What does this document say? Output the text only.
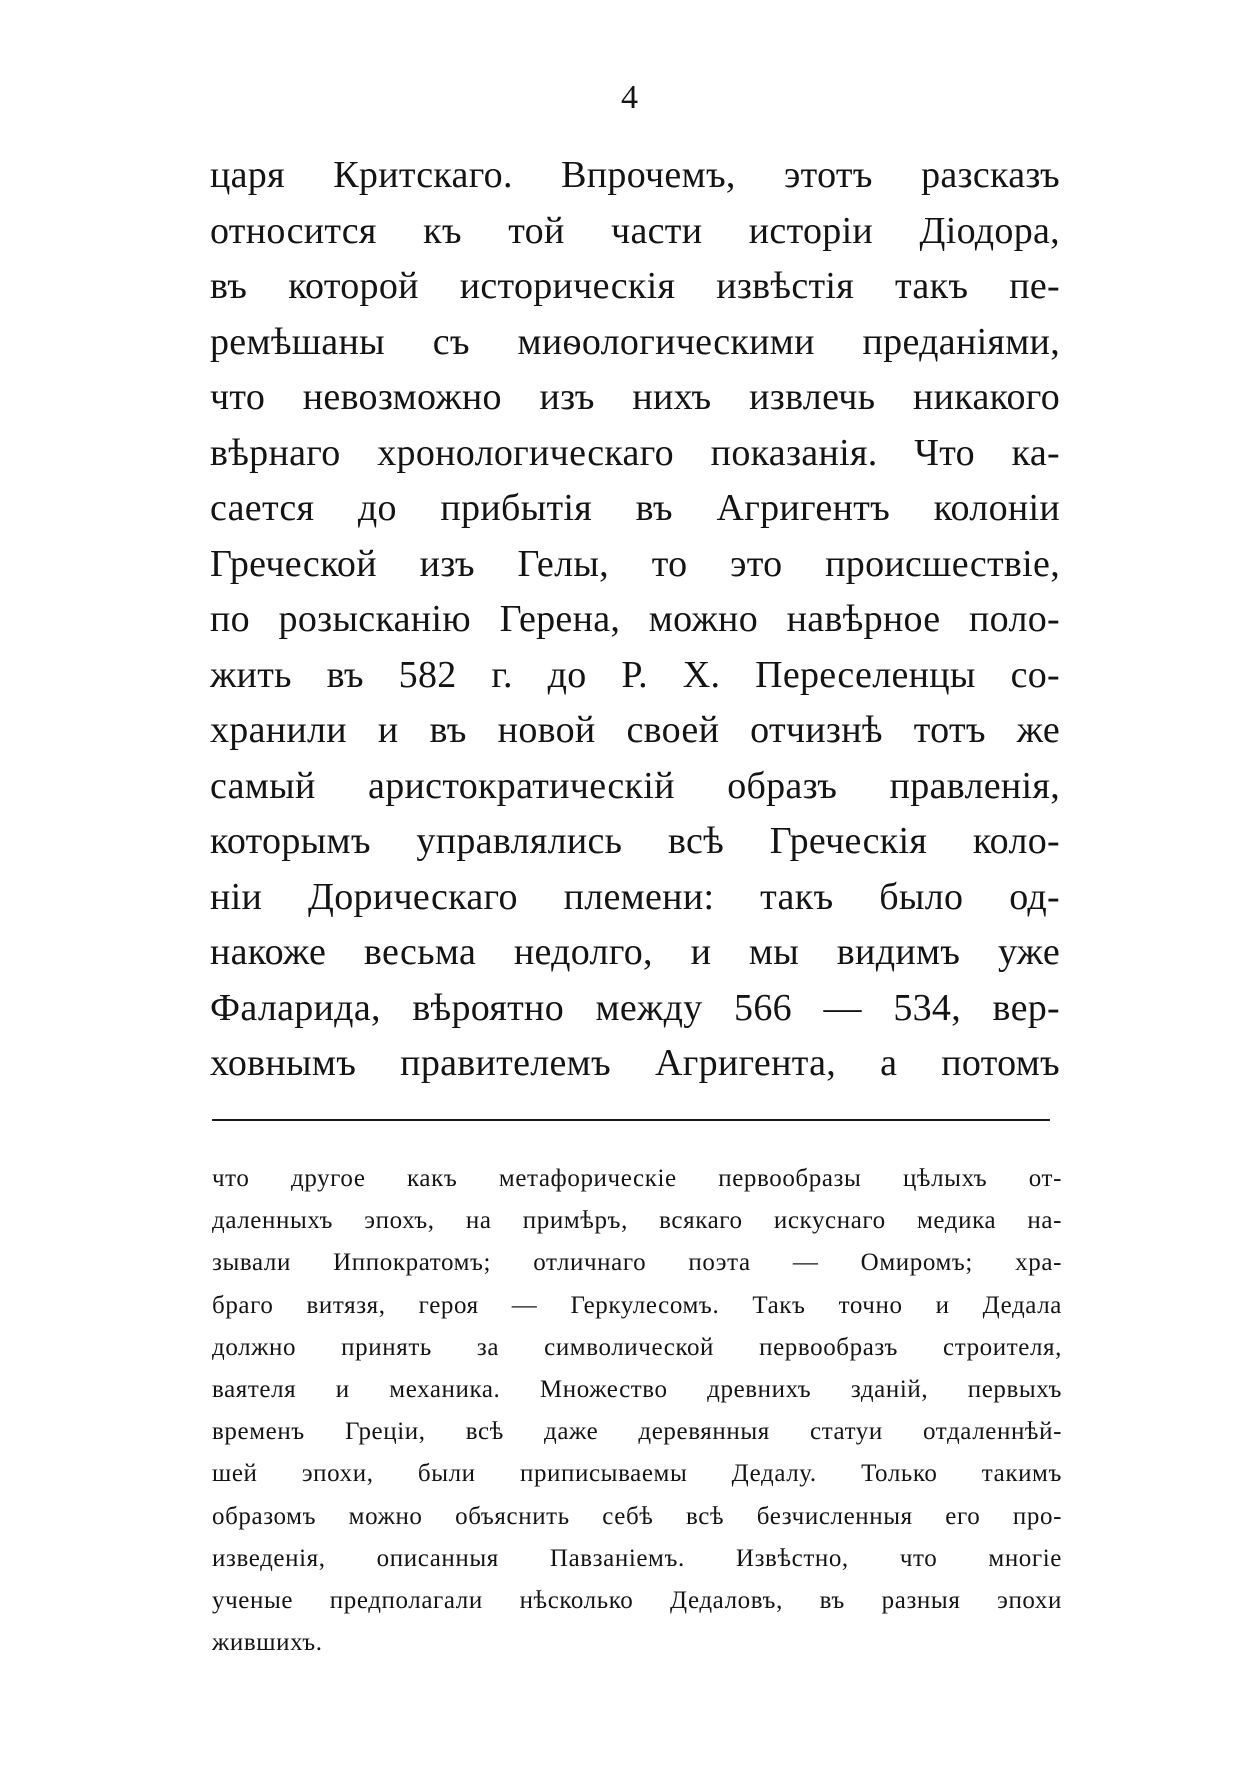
4
царя Критскаго. Впрочемъ, этотъ разсказъ
относится къ той части исторіи Діодора,
въ которой историческія извѣстія такъ пе-
ремѣшаны съ миѳологическими преданіями,
что невозможно изъ нихъ извлечь никакого
вѣрнаго хронологическаго показанія. Что ка-
сается до прибытія въ Агригентъ колоніи
Греческой изъ Гелы, то это происшествіе,
по розысканію Герена, можно навѣрное поло-
жить въ 582 г. до Р. Х. Переселенцы со-
хранили и въ новой своей отчизнѣ тотъ же
самый аристократическій образъ правленія,
которымъ управлялись всѣ Греческія коло-
ніи Дорическаго племени: такъ было од-
накоже весьма недолго, и мы видимъ уже
Фаларида, вѣроятно между 566 — 534, вер-
ховнымъ правителемъ Агригента, а потомъ
что другое какъ метафорическіе первообразы цѣлыхъ от-
даленныхъ эпохъ, на примѣръ, всякаго искуснаго медика на-
зывали Иппократомъ; отличнаго поэта — Омиромъ; хра-
браго витязя, героя — Геркулесомъ. Такъ точно и Дедала
должно принять за символической первообразъ строителя,
ваятеля и механика. Множество древнихъ зданій, первыхъ
временъ Греціи, всѣ даже деревянныя статуи отдаленнѣй-
шей эпохи, были приписываемы Дедалу. Только такимъ
образомъ можно объяснить себѣ всѣ безчисленныя его про-
изведенія, описанныя Павзаніемъ. Извѣстно, что многіе
ученые предполагали нѣсколько Дедаловъ, въ разныя эпохи
жившихъ.
